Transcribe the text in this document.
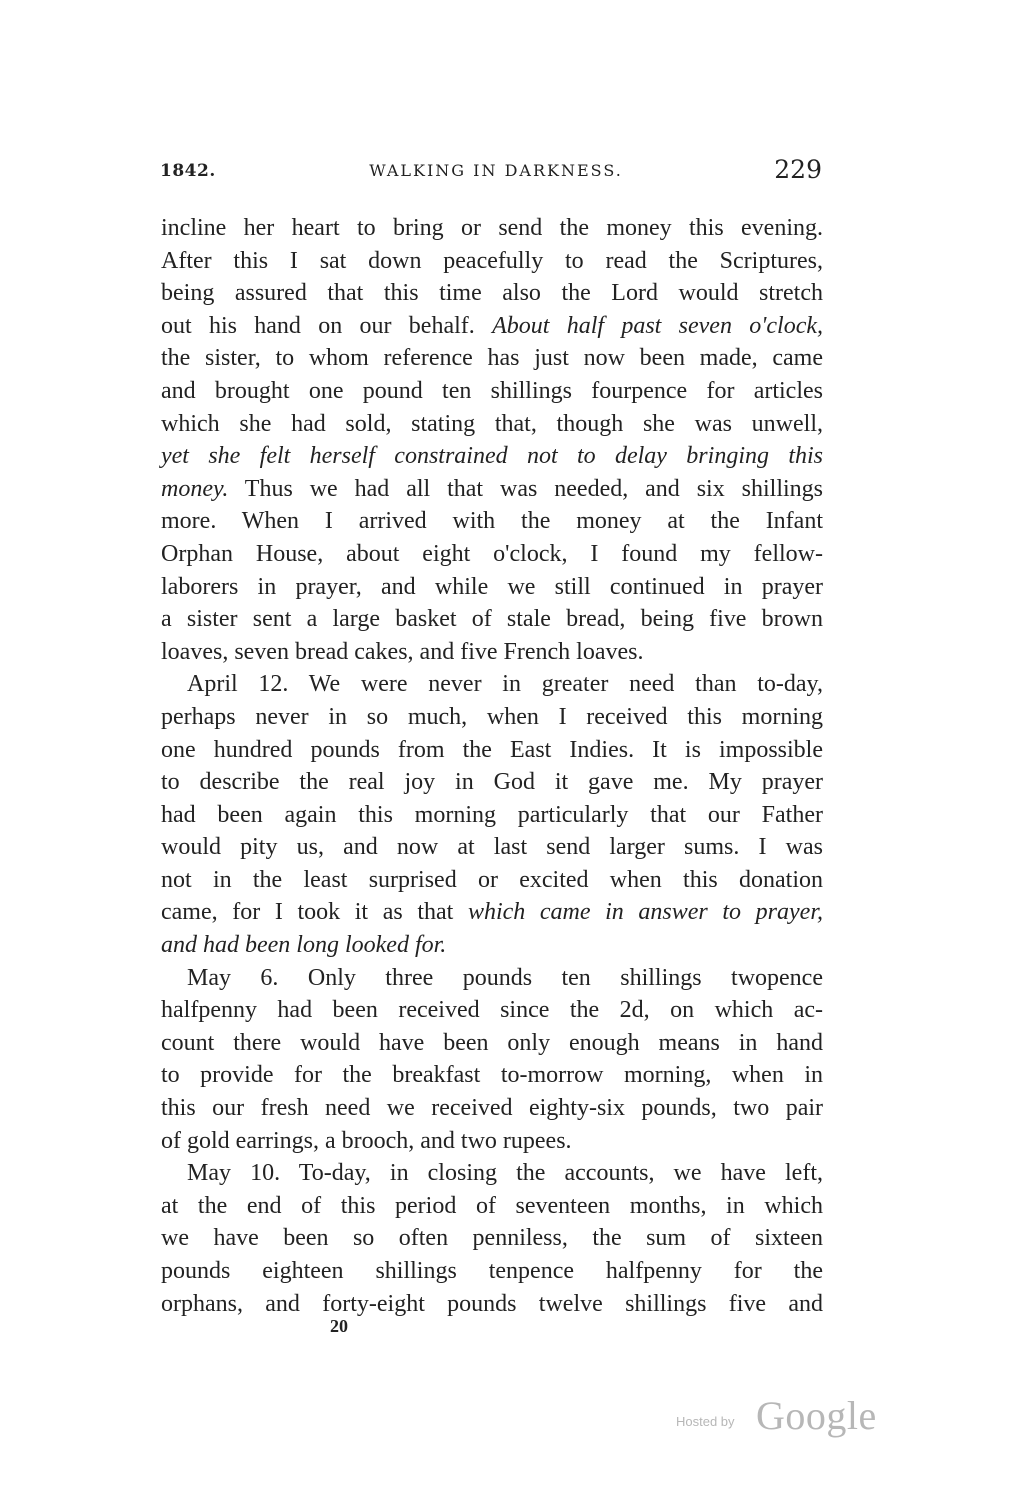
1842.	WALKING IN DARKNESS.	229
incline her heart to bring or send the money this evening.
After this I sat down peacefully to read the Scriptures,
being assured that this time also the Lord would stretch
out his hand on our behalf. About half past seven o'clock,
the sister, to whom reference has just now been made, came
and brought one pound ten shillings fourpence for articles
which she had sold, stating that, though she was unwell,
yet she felt herself constrained not to delay bringing this
money. Thus we had all that was needed, and six shillings
more. When I arrived with the money at the Infant
Orphan House, about eight o'clock, I found my fellow-
laborers in prayer, and while we still continued in prayer
a sister sent a large basket of stale bread, being five brown
loaves, seven bread cakes, and five French loaves.
April 12. We were never in greater need than to-day,
perhaps never in so much, when I received this morning
one hundred pounds from the East Indies. It is impossible
to describe the real joy in God it gave me. My prayer
had been again this morning particularly that our Father
would pity us, and now at last send larger sums. I was
not in the least surprised or excited when this donation
came, for I took it as that which came in answer to prayer,
and had been long looked for.
May 6. Only three pounds ten shillings twopence
halfpenny had been received since the 2d, on which ac-
count there would have been only enough means in hand
to provide for the breakfast to-morrow morning, when in
this our fresh need we received eighty-six pounds, two pair
of gold earrings, a brooch, and two rupees.
May 10. To-day, in closing the accounts, we have left,
at the end of this period of seventeen months, in which
we have been so often penniless, the sum of sixteen
pounds eighteen shillings tenpence halfpenny for the
orphans, and forty-eight pounds twelve shillings five and
20
Hosted by Google
